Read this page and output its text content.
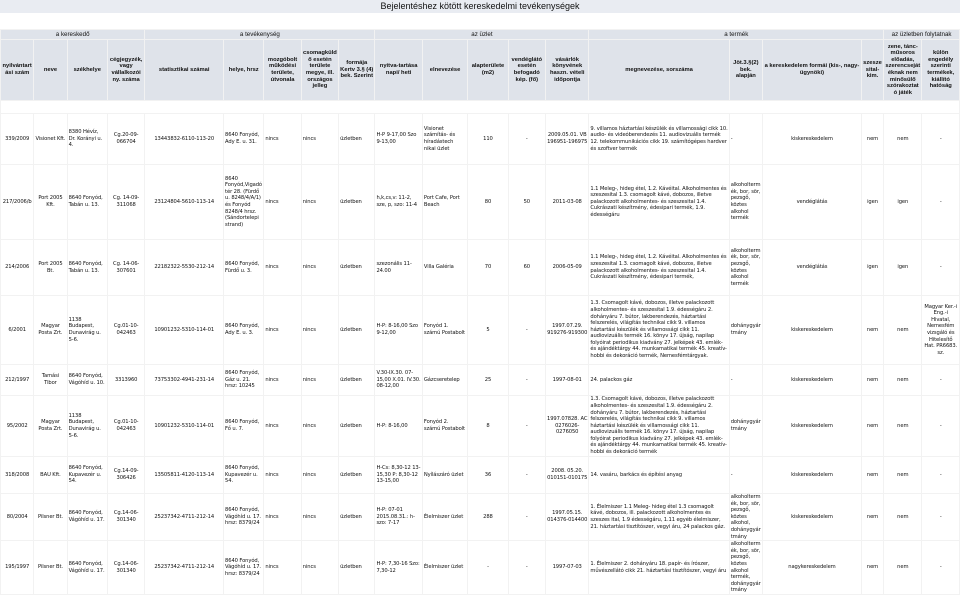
Bejelentéshez kötött kereskedelmi tevékenységek
a kereskedő				a tevékenység					az üzlet					a termék				az üzletben folytatnak	
nyilvántartási szám	neve	székhelye	cégjegyzék, vagy vállalkozói ny. száma	statisztikai számai	helye, hrsz	mozgóbolt működési területe, útvonala	csomagküldő esetén területe megye, ill. országos jelleg	formája Kertv 3.§ (4) bek. Szerint	nyitva-tartása napi/ heti	elnevezése	alapterülete (m2)	vendéglátó esetén befogadó kép. (fő)	vásárlók könyvének haszn. vételi időpontja	megnevezése, sorszáma	Jöt.3.§(2) bek. alapján	a kereskedelem formái (kis-, nagy- ügynöki)	szeszesital-kim.	zene, tánc-műsoros előadás, szerencsejátéknak nem minősülő szórakoztató játék	külön engedély szerinti termékek, kiállító hatóság

339/2009	Visionet Kft.	8380 Hévíz, Dr. Korányi u. 4.	Cg.20-09-066704	13443832-6110-113-20	8640 Fonyód, Ady E. u. 31.	nincs	nincs	üzletben	H-P 9-17,00 Szo 9-13,00	Visionet számítás- és híradástech nikai üzlet	110	-	2009.05.01. VB 196951-196975	9. villamos háztartási készülék és villamossági cikk 10. audio- és videóberendezés 11. audiovizuális termék 12. telekommunikációs cikk 19. számítógépes hardver és szoftver termék	-	kiskereskedelem	nem	nem	-
217/2006/b	Port 2005 Kft.	8640 Fonyód, Tabán u. 13.	Cg. 14-09-311068	23124804-5610-113-14	8640 Fonyód,Vigadó tér 28. (Fürdő u. 8248/4/A/1) és Fonyód 8248/4 hrsz. (Sándortelepi strand)	nincs	nincs	üzletben	h,k,cs,v: 11-2, sze, p, szo: 11-4	Port Cafe, Port Beach	80	50	2011-03-08	1.1 Meleg-, hideg étel, 1.2. Kávéital. Alkoholmentes és szeszesital 1.3. csomagolt kávé, dobozos, illetve palackozott alkoholmentes- és szeszesital 1.4. Cukrászati készítmény, édesipari termék, 1.9. édességáru	alkoholtermék, bor, sör, pezsgő, köztes alkohol termék	vendéglátás	igen	igen	-
214/2006	Port 2005 Bt.	8640 Fonyód, Tabán u. 13.	Cg. 14-06-307601	22182322-5530-212-14	8640 Fonyód, Fürdő u. 3.	nincs	nincs	üzletben	szezonális 11-24.00	Villa Galéria	70	60	2006-05-09	1.1 Meleg-, hideg étel, 1.2. Kávéital. Alkoholmentes és szeszesital 1.3. csomagolt kávé, dobozos, illetve palackozott alkoholmentes- és szeszesital 1.4. Cukrászati készítmény, édesipari termék,	alkoholtermék, bor, sör, pezsgő, köztes alkohol termék	vendéglátás	igen	igen	-
6/2001	Magyar Posta Zrt.	1138 Budapest, Dunavirág u. 5-6.	Cg.01-10-042463	10901232-5310-114-01	8640 Fonyód, Ady E. u. 3.	nincs	nincs	üzletben	H-P: 8-16,00 Szo 9-12,00	Fonyód 1. számú Postabolt	5	-	1997.07.29. 919276-919300	1.3. Csomagolt kávé, dobozos, illetve palackozott alkoholmentes- és szeszesital 1.9. édességáru 2. dohányáru 7. bútor, lakberendezés, háztartási felszerelés, világítás technikai cikk 9. villamos háztartási készülék és villamossági cikk 11. audiovizuális termék 16. könyv 17. újság, napilap folyóirat periodikus kiadvány 27. jelképek 43. emlék- és ajándéktárgy 44. munkamatikai termék 45. kreatív-hobbi és dekoráció termék, Nemesfémtárgyak.	dohánygyártmány	kiskereskedelem	nem	nem	Magyar Ker.-i Eng.-i Hivatal, Nemesfém vizsgáló és Hitelesítő Hat. PR6683. sz.
212/1997	Tamási Tibor	8640 Fonyód, Vágóhíd u. 10.	3313960	73753302-4941-231-14	8640 Fonyód, Gáz u. 21. hrsz: 10245	nincs	nincs	üzletben	V.30-IX.30. 07-15,00 X.01. IV.30. 08-12,00	Gázcseretelep	25	-	1997-08-01	24. palackos gáz	-	kiskereskedelem	nem	nem	-
95/2002	Magyar Posta Zrt.	1138 Budapest, Dunavirág u. 5-6.	Cg.01-10-042463	10901232-5310-114-01	8640 Fonyód, Fő u. 7.	nincs	nincs	üzletben	H-P: 8-16,00	Fonyód 2. számú Postabolt	8	-	1997.07828. AC 0276026-0276050	1.3. Csomagolt kávé, dobozos, illetve palackozott alkoholmentes- és szeszesital 1.9. édességáru 2. dohányáru 7. bútor, lakberendezés, háztartási felszerelés, világítás technikai cikk 9. villamos háztartási készülék és villamossági cikk 11. audiovizuális termék 16. könyv 17. újság, napilap folyóirat periodikus kiadvány 27. jelképek 43. emlék- és ajándéktárgy 44. munkamatikai termék 45. kreatív-hobbi és dekoráció termék	dohánygyártmány	kiskereskedelem	nem	nem	-
318/2008	BAU Kft.	8640 Fonyód, Kupavezér u. 54.	Cg.14-09-306426	13505811-4120-113-14	8640 Fonyód, Kupavezér u. 54.	nincs	nincs	üzletben	H-Cs: 8,30-12 13-15,30 P: 8,30-12 13-15,00	Nyílászáró üzlet	36	-	2008. 05.20. 010151-010175	14. vasáru, barkács és építési anyag	-	kiskereskedelem	nem	nem	-
80/2004	Pilsner Bt.	8640 Fonyód, Vágóhíd u. 17.	Cg.14-06-301340	25237342-4711-212-14	8640 Fonyód, Vágóhíd u. 17. hrsz: 8379/24	nincs	nincs	üzletben	H-P: 07-01 2015.08.31.: h-szo: 7-17	Élelmiszer üzlet	288	-	1997.05.15. 014376-014400	1. Élelmiszer 1.1 Meleg- hideg étel 1.3 csomagolt kávé, dobozos, ill. palackozott alkoholmentes és szeszes ital, 1.9 édességáru, 1.11 egyéb élelmiszer, 21. háztartási tisztítószer, vegyi áru, 24 palackos gáz.	alkoholtermék, bor, sör, pezsgő, köztes alkohol, dohánygyártmány	kiskereskedelem	nem	nem	-
195/1997	Pilsner Bt.	8640 Fonyód, Vágóhíd u. 17.	Cg.14-06-301340	25237342-4711-212-14	8640 Fonyód, Vágóhíd u. 17. hrsz: 8379/24	nincs	nincs	üzletben	H-P: 7,30-16 Szo: 7,30-12	Élelmiszer üzlet	-	-	1997-07-03	1. Élelmiszer 2. dohányáru 18. papír- és írószer, művészellátó cikk 21. háztartási tisztítószer, vegyi áru	alkoholtermék, bor, sör, pezsgő, köztes alkohol termék, dohánygyártmány	nagykereskedelem	nem	nem	-
